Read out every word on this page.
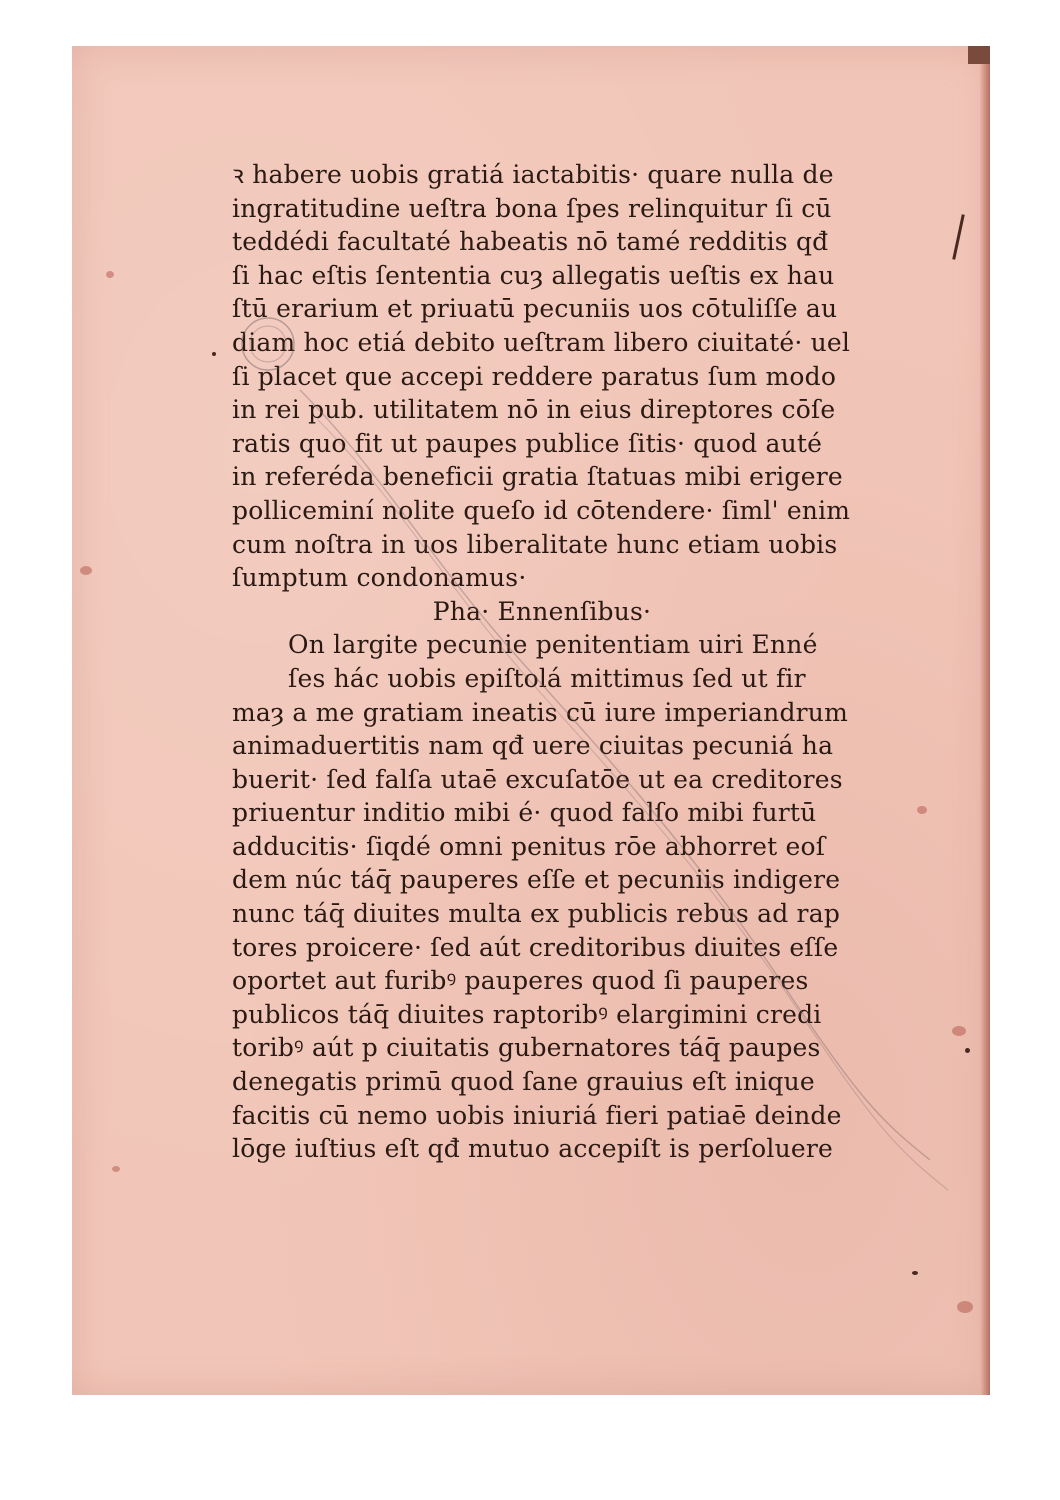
ꝛ habere uobis gratiá iactabitis· quare nulla de
ingratitudine ueſtra bona ſpes relinquitur ſi cū
teddédi facultaté habeatis nō tamé redditis qđ
ſi hac eſtis ſententia cuȝ allegatis ueſtis ex hau
ſtū erarium et priuatū pecuniis uos cōtuliſſe au
diam hoc etiá debito ueſtram libero ciuitaté· uel
ſi placet que accepi reddere paratus ſum modo
in rei pub. utilitatem nō in eius direptores cōſe
ratis quo fit ut paupes publice ſitis· quod auté
in referéda beneficii gratia ſtatuas mibi erigere
polliceminí nolite queſo id cōtendere· ſiml' enim
cum noſtra in uos liberalitate hunc etiam uobis
ſumptum condonamus·
Pha· Ennenſibus·
On largite pecunie penitentiam uiri Enné
ſes hác uobis epiſtolá mittimus ſed ut fir
maȝ a me gratiam ineatis cū iure imperiandrum
animaduertitis nam qđ uere ciuitas pecuniá ha
buerit· ſed falſa utaē excuſatōe ut ea creditores
priuentur inditio mibi é· quod falſo mibi furtū
adducitis· ſiqdé omni penitus rōe abhorret eoſ
dem núc táq̄ pauperes eſſe et pecuniis indigere
nunc táq̄ diuites multa ex publicis rebus ad rap
tores proicere· ſed aút creditoribus diuites eſſe
oportet aut furibꝰ pauperes quod ſi pauperes
publicos táq̄ diuites raptoribꝰ elargimini credi
toribꝰ aút p ciuitatis gubernatores táq̄ paupes
denegatis primū quod ſane grauius eſt inique
facitis cū nemo uobis iniuriá fieri patiaē deinde
lōge iuſtius eſt qđ mutuo accepiſt is perſoluere
